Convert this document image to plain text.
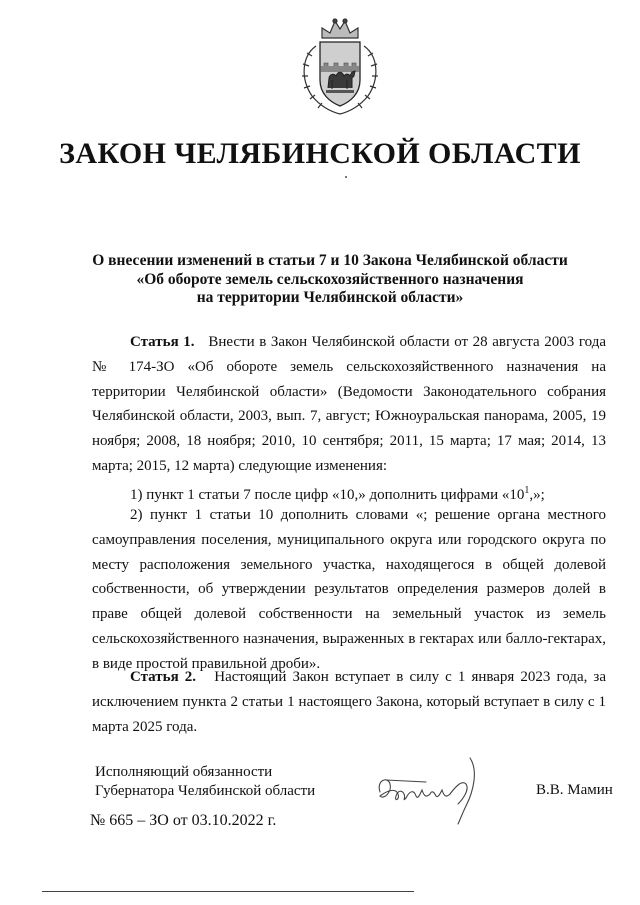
ЗАКОН ЧЕЛЯБИНСКОЙ ОБЛАСТИ
О внесении изменений в статьи 7 и 10 Закона Челябинской области
«Об обороте земель сельскохозяйственного назначения
на территории Челябинской области»
Статья 1. Внести в Закон Челябинской области от 28 августа 2003 года № 174-ЗО «Об обороте земель сельскохозяйственного назначения на территории Челябинской области» (Ведомости Законодательного собрания Челябинской области, 2003, вып. 7, август; Южноуральская панорама, 2005, 19 ноября; 2008, 18 ноября; 2010, 10 сентября; 2011, 15 марта; 17 мая; 2014, 13 марта; 2015, 12 марта) следующие изменения:
1) пункт 1 статьи 7 после цифр «10,» дополнить цифрами «$10^1$,»;
2) пункт 1 статьи 10 дополнить словами «; решение органа местного самоуправления поселения, муниципального округа или городского округа по месту расположения земельного участка, находящегося в общей долевой собственности, об утверждении результатов определения размеров долей в праве общей долевой собственности на земельный участок из земель сельскохозяйственного назначения, выраженных в гектарах или балло-гектарах, в виде простой правильной дроби».
Статья 2. Настоящий Закон вступает в силу с 1 января 2023 года, за исключением пункта 2 статьи 1 настоящего Закона, который вступает в силу с 1 марта 2025 года.
Исполняющий обязанности
Губернатора Челябинской области	В.В. Мамин
№ 665 – ЗО от 03.10.2022 г.
